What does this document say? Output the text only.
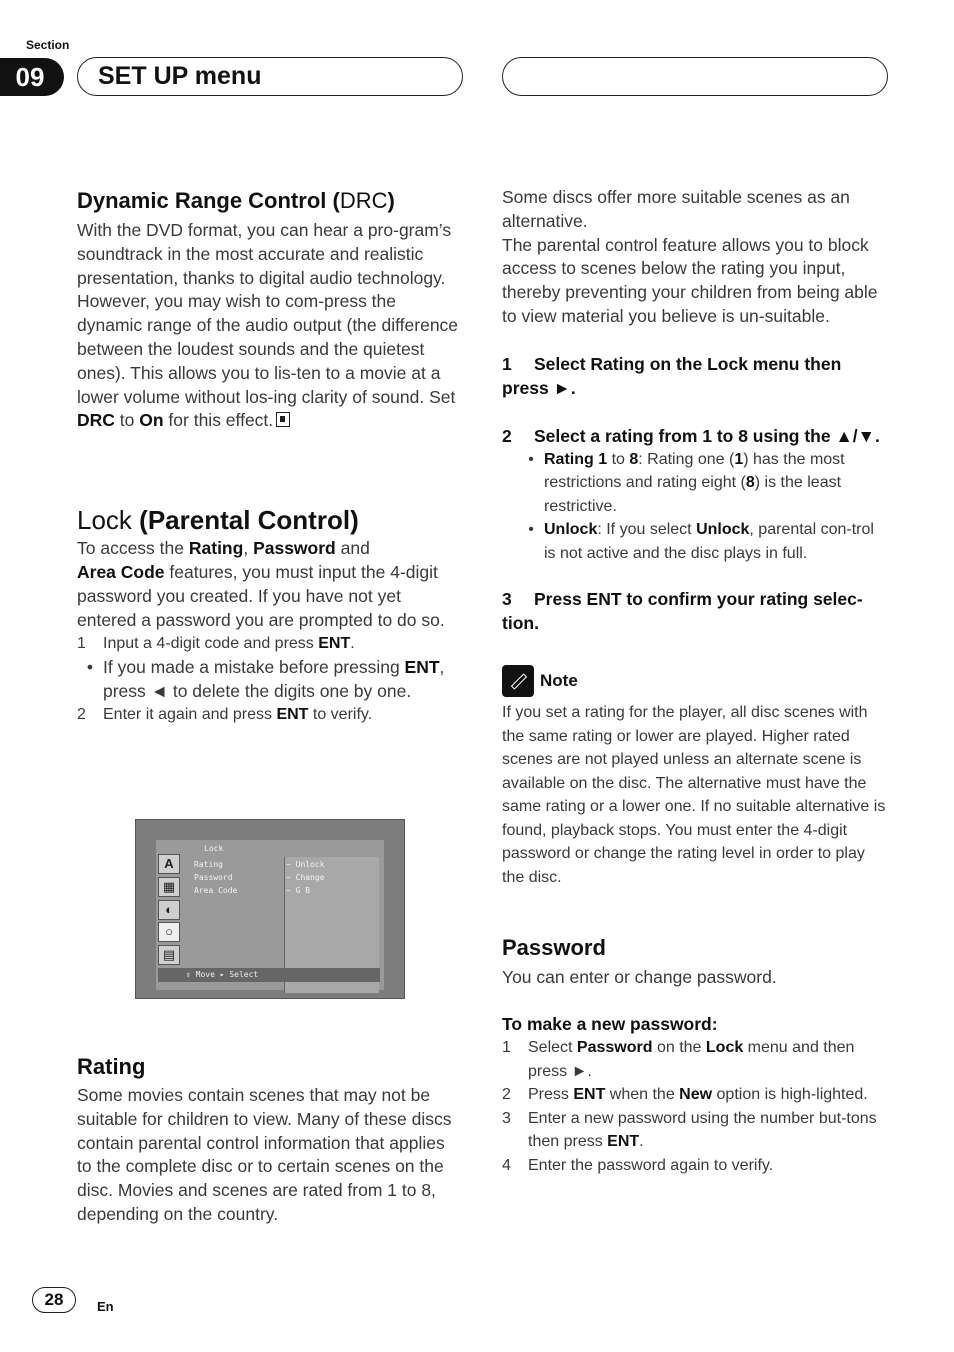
Section
09	SET UP menu
Dynamic Range Control (DRC)

With the DVD format, you can hear a pro-gram’s soundtrack in the most accurate and realistic presentation, thanks to digital audio technology. However, you may wish to com-press the dynamic range of the audio output (the difference between the loudest sounds and the quietest ones). This allows you to lis-ten to a movie at a lower volume without los-ing clarity of sound. Set DRC to On for this effect.

Lock (Parental Control)

To access the Rating, Password and
Area Code features, you must input the 4-digit password you created. If you have not yet entered a password you are prompted to do so.

1	Input a 4-digit code and press ENT.
• If you made a mistake before pressing ENT, press ◄ to delete the digits one by one.
2	Enter it again and press ENT to verify.
Lock
A
▦
◐
○
▤
Rating
Password
Area Code
~ Unlock
~ Change
~ G B
⇕ Move ▸ Select
Rating

Some movies contain scenes that may not be suitable for children to view. Many of these discs contain parental control information that applies to the complete disc or to certain scenes on the disc. Movies and scenes are rated from 1 to 8, depending on the country.

Some discs offer more suitable scenes as an alternative.

The parental control feature allows you to block access to scenes below the rating you input, thereby preventing your children from being able to view material you believe is un-suitable.

1 Select Rating on the Lock menu then press ►.
2 Select a rating from 1 to 8 using the ▲/▼.
• Rating 1 to 8: Rating one (1) has the most restrictions and rating eight (8) is the least restrictive.
• Unlock: If you select Unlock, parental con-trol is not active and the disc plays in full.
3 Press ENT to confirm your rating selec-tion.
Note

If you set a rating for the player, all disc scenes with the same rating or lower are played. Higher rated scenes are not played unless an alternate scene is available on the disc. The alternative must have the same rating or a lower one. If no suitable alternative is found, playback stops. You must enter the 4-digit password or change the rating level in order to play the disc.

Password

You can enter or change password.

To make a new password:
1	Select Password on the Lock menu and then press ►.
2	Press ENT when the New option is high-lighted.
3	Enter a new password using the number but-tons then press ENT.
4	Enter the password again to verify.
28	En
